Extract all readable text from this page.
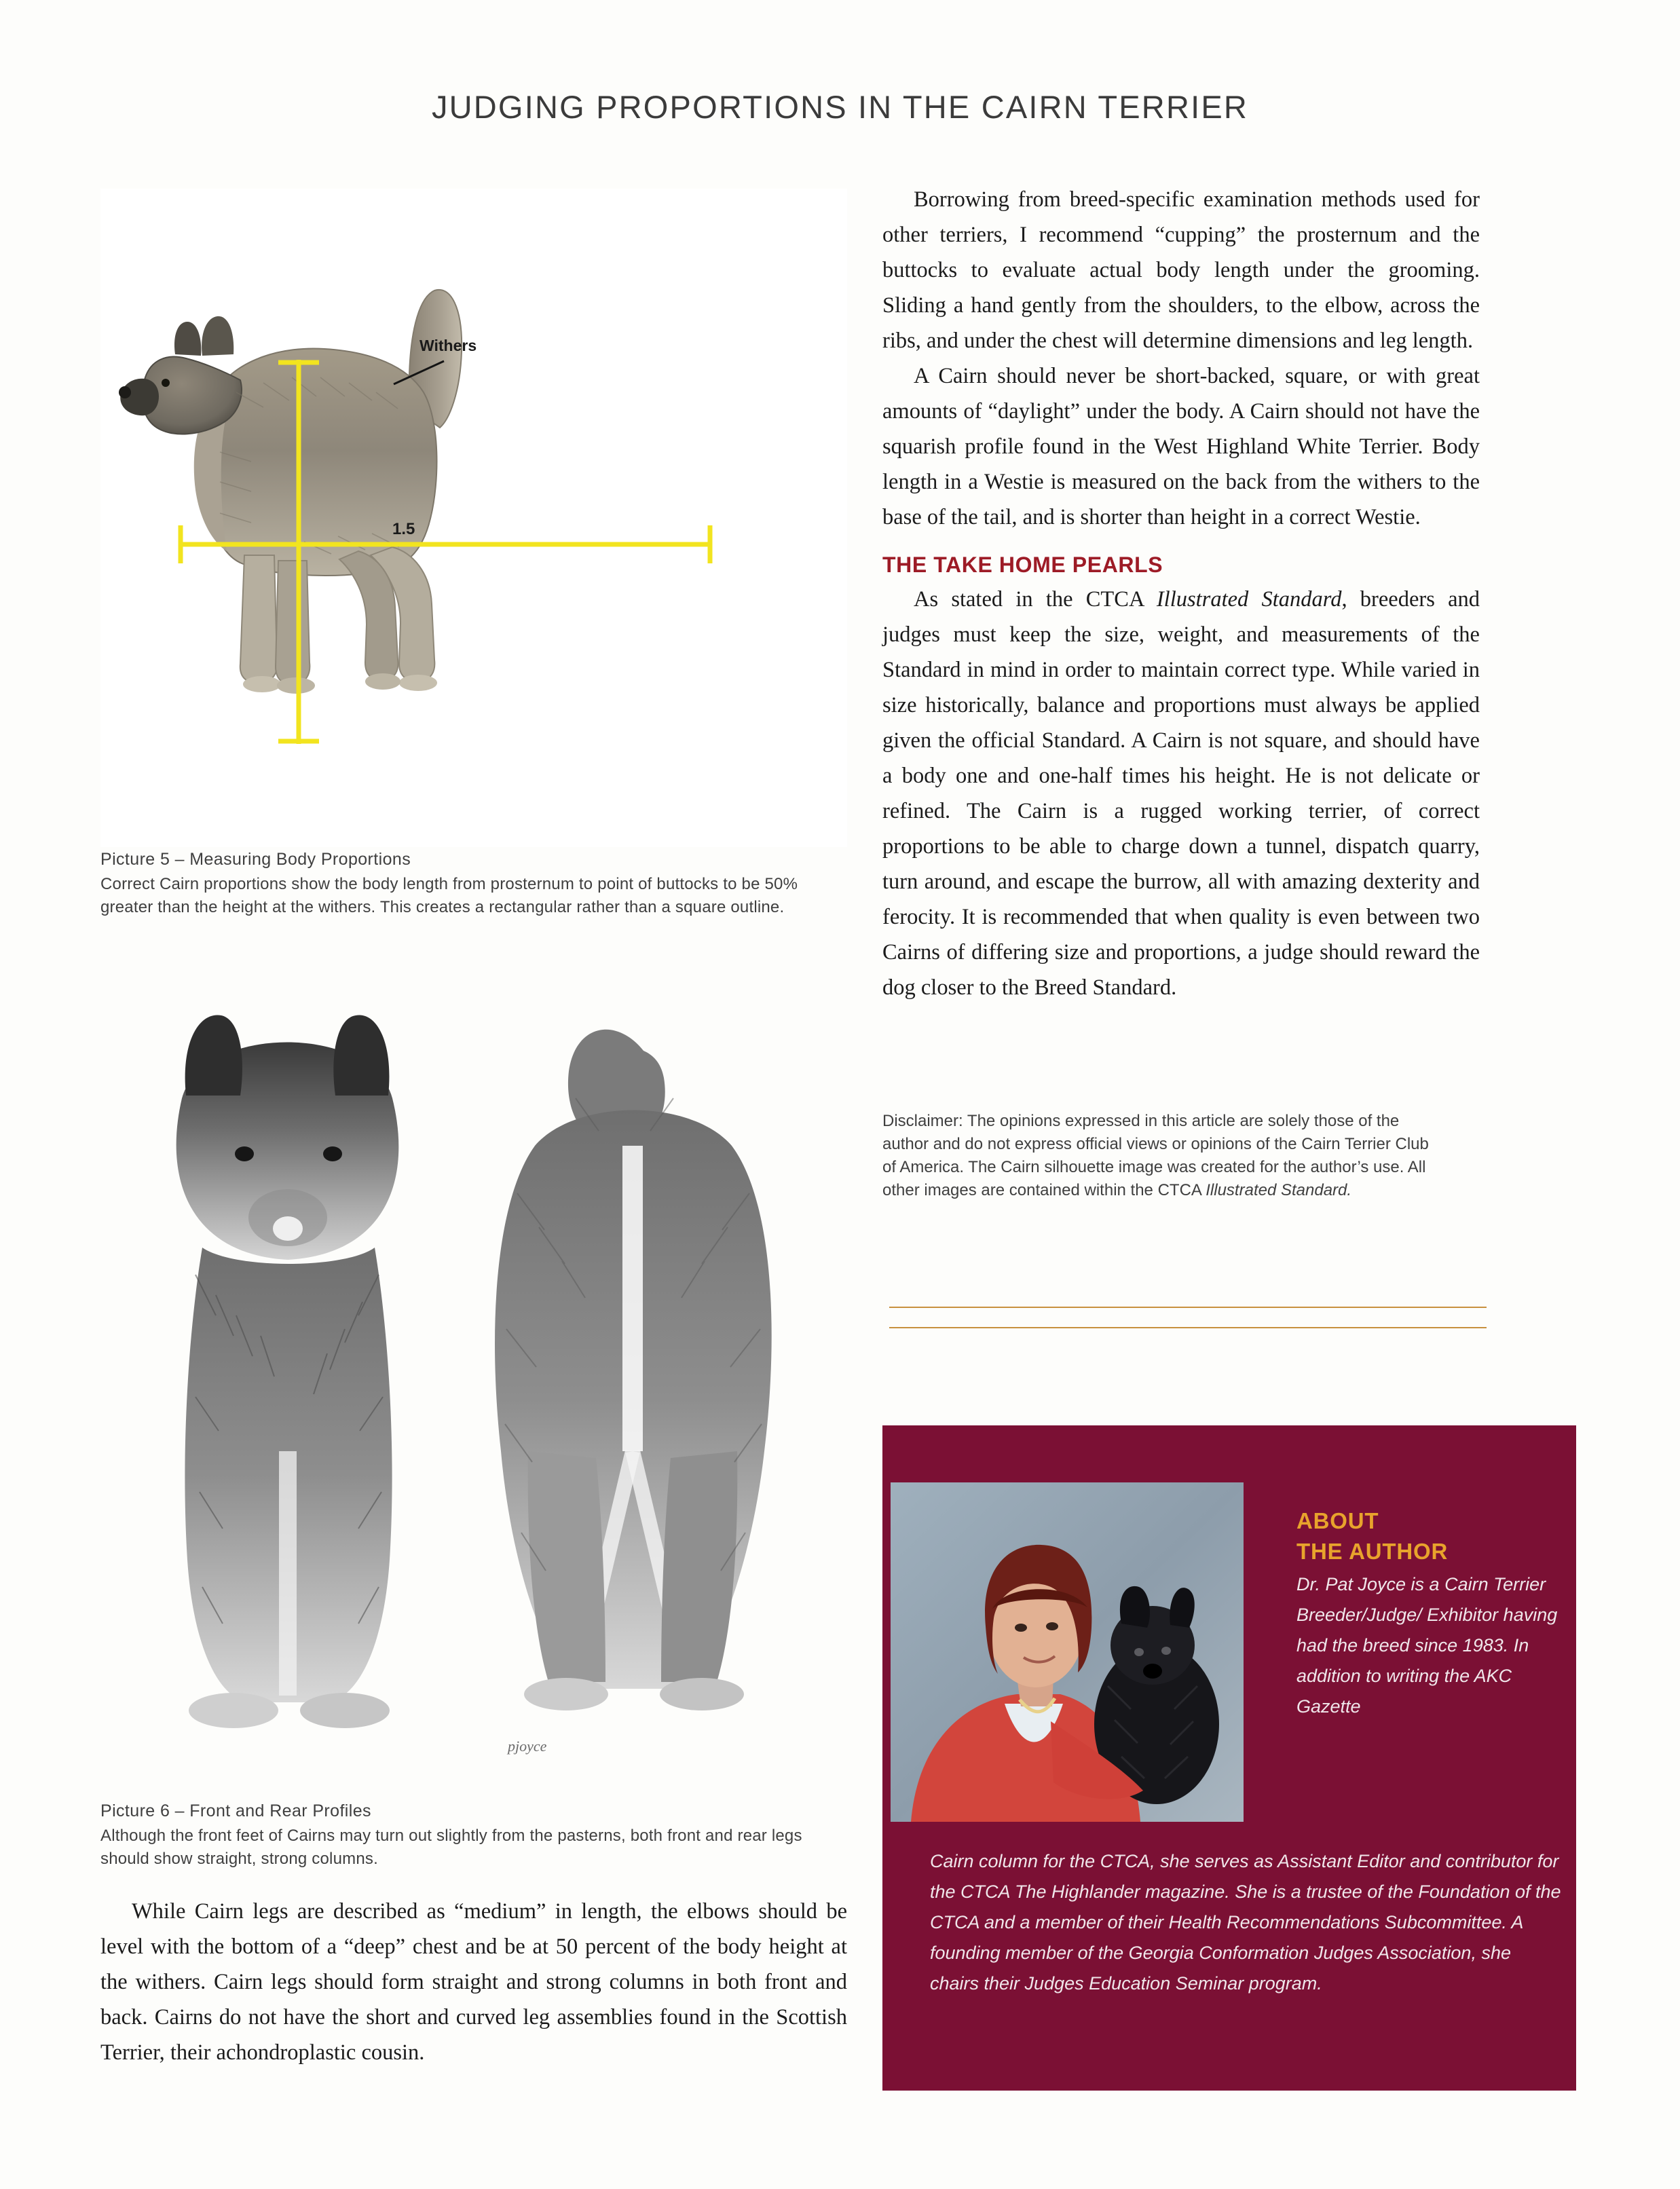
JUDGING PROPORTIONS IN THE CAIRN TERRIER
Withers
1.5
Picture 5 – Measuring Body Proportions
Correct Cairn proportions show the body length from prosternum to point of buttocks to be 50% greater than the height at the withers. This creates a rectangular rather than a square outline.
pjoyce
Picture 6 – Front and Rear Profiles
Although the front feet of Cairns may turn out slightly from the pasterns, both front and rear legs should show straight, strong columns.

While Cairn legs are described as “medium” in length, the elbows should be level with the bottom of a “deep” chest and be at 50 percent of the body height at the withers. Cairn legs should form straight and strong columns in both front and back. Cairns do not have the short and curved leg assemblies found in the Scottish Terrier, their achondroplastic cousin.

Borrowing from breed-specific examination methods used for other terriers, I recommend “cupping” the prosternum and the buttocks to evaluate actual body length under the grooming. Sliding a hand gently from the shoulders, to the elbow, across the ribs, and under the chest will determine dimensions and leg length.

A Cairn should never be short-backed, square, or with great amounts of “daylight” under the body. A Cairn should not have the squarish profile found in the West Highland White Terrier. Body length in a Westie is measured on the back from the withers to the base of the tail, and is shorter than height in a correct Westie.

THE TAKE HOME PEARLS

As stated in the CTCA Illustrated Standard, breeders and judges must keep the size, weight, and measurements of the Standard in mind in order to maintain correct type. While varied in size historically, balance and proportions must always be applied given the official Standard. A Cairn is not square, and should have a body one and one-half times his height. He is not delicate or refined. The Cairn is a rugged working terrier, of correct proportions to be able to charge down a tunnel, dispatch quarry, turn around, and escape the burrow, all with amazing dexterity and ferocity. It is recommended that when quality is even between two Cairns of differing size and proportions, a judge should reward the dog closer to the Breed Standard.

Disclaimer: The opinions expressed in this article are solely those of the author and do not express official views or opinions of the Cairn Terrier Club of America. The Cairn silhouette image was created for the author’s use. All other images are contained within the CTCA Illustrated Standard.
ABOUT
THE AUTHOR
Dr. Pat Joyce is a Cairn Terrier Breeder/Judge/ Exhibitor having had the breed since 1983. In addition to writing the AKC Gazette
Cairn column for the CTCA, she serves as Assistant Editor and contributor for the CTCA The Highlander magazine. She is a trustee of the Foundation of the CTCA and a member of their Health Recommendations Subcommittee. A founding member of the Georgia Conformation Judges Association, she chairs their Judges Education Seminar program.
